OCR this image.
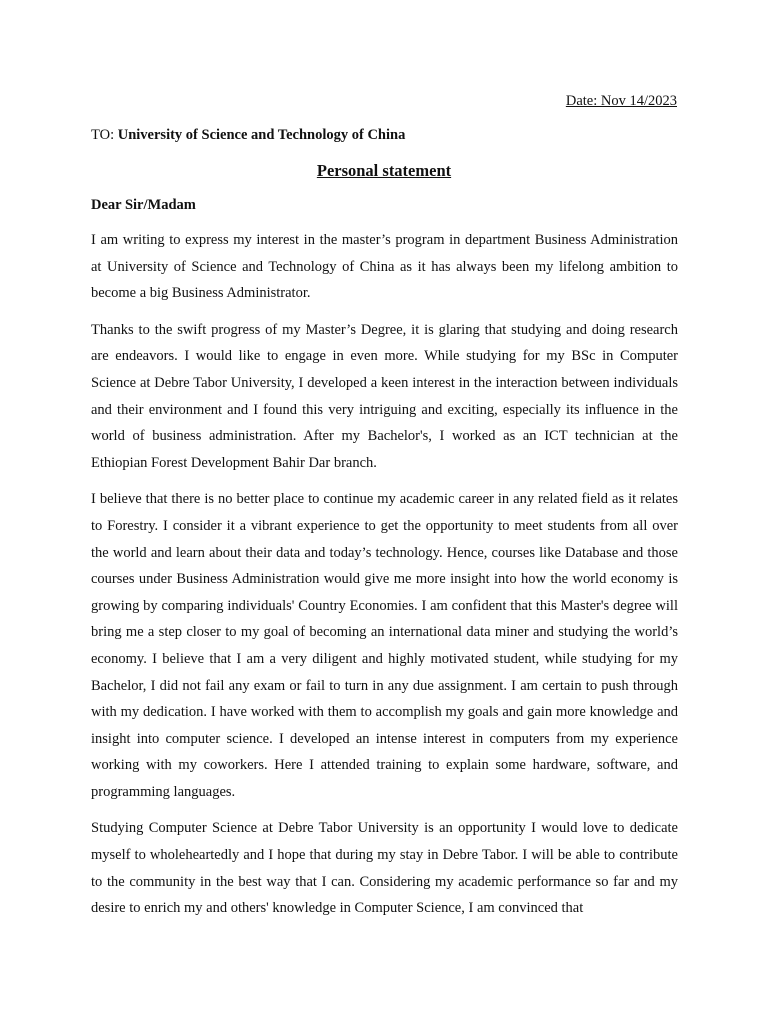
Date: Nov 14/2023
TO: University of Science and Technology of China
Personal statement
Dear Sir/Madam

I am writing to express my interest in the master’s program in department Business Administration at University of Science and Technology of China as it has always been my lifelong ambition to become a big Business Administrator.

Thanks to the swift progress of my Master’s Degree, it is glaring that studying and doing research are endeavors. I would like to engage in even more. While studying for my BSc in Computer Science at Debre Tabor University, I developed a keen interest in the interaction between individuals and their environment and I found this very intriguing and exciting, especially its influence in the world of business administration. After my Bachelor's, I worked as an ICT technician at the Ethiopian Forest Development Bahir Dar branch.

I believe that there is no better place to continue my academic career in any related field as it relates to Forestry. I consider it a vibrant experience to get the opportunity to meet students from all over the world and learn about their data and today’s technology. Hence, courses like Database and those courses under Business Administration would give me more insight into how the world economy is growing by comparing individuals' Country Economies. I am confident that this Master's degree will bring me a step closer to my goal of becoming an international data miner and studying the world’s economy. I believe that I am a very diligent and highly motivated student, while studying for my Bachelor, I did not fail any exam or fail to turn in any due assignment. I am certain to push through with my dedication. I have worked with them to accomplish my goals and gain more knowledge and insight into computer science. I developed an intense interest in computers from my experience working with my coworkers. Here I attended training to explain some hardware, software, and programming languages.

Studying Computer Science at Debre Tabor University is an opportunity I would love to dedicate myself to wholeheartedly and I hope that during my stay in Debre Tabor. I will be able to contribute to the community in the best way that I can. Considering my academic performance so far and my desire to enrich my and others' knowledge in Computer Science, I am convinced that
